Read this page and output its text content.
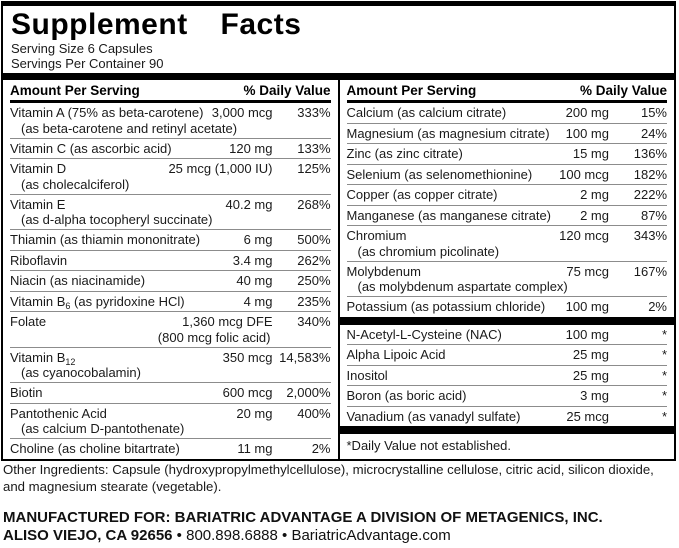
Supplement Facts
Serving Size 6 Capsules
Servings Per Container 90
Amount Per Serving	% Daily Value
Vitamin A (75% as beta-carotene) 3,000 mcg	333%
(as beta-carotene and retinyl acetate)
Vitamin C (as ascorbic acid)	120 mg	133%
Vitamin D	25 mcg (1,000 IU)	125%
(as cholecalciferol)
Vitamin E	40.2 mg	268%
(as d-alpha tocopheryl succinate)
Thiamin (as thiamin mononitrate)	6 mg	500%
Riboflavin	3.4 mg	262%
Niacin (as niacinamide)	40 mg	250%
Vitamin $B_6$ (as pyridoxine HCl)	4 mg	235%
Folate	1,360 mcg DFE	340%
(800 mcg folic acid)
Vitamin $B_{12}$	350 mcg 14,583%
(as cyanocobalamin)
Biotin	600 mcg	2,000%
Pantothenic Acid	20 mg	400%
(as calcium D-pantothenate)
Choline (as choline bitartrate)	11 mg	2%
Amount Per Serving	% Daily Value
Calcium (as calcium citrate)	200 mg	15%
Magnesium (as magnesium citrate)	100 mg	24%
Zinc (as zinc citrate)	15 mg	136%
Selenium (as selenomethionine)	100 mcg	182%
Copper (as copper citrate)	2 mg	222%
Manganese (as manganese citrate)	2 mg	87%
Chromium	120 mcg	343%
(as chromium picolinate)
Molybdenum	75 mcg	167%
(as molybdenum aspartate complex)
Potassium (as potassium chloride)	100 mg	2%
N-Acetyl-L-Cysteine (NAC)	100 mg	*
Alpha Lipoic Acid	25 mg	*
Inositol	25 mg	*
Boron (as boric acid)	3 mg	*
Vanadium (as vanadyl sulfate)	25 mcg	*
*Daily Value not established.
Other Ingredients: Capsule (hydroxypropylmethylcellulose), microcrystalline cellulose, citric acid, silicon dioxide, and magnesium stearate (vegetable).
MANUFACTURED FOR: BARIATRIC ADVANTAGE A DIVISION OF METAGENICS, INC.
ALISO VIEJO, CA 92656 • 800.898.6888 • BariatricAdvantage.com
